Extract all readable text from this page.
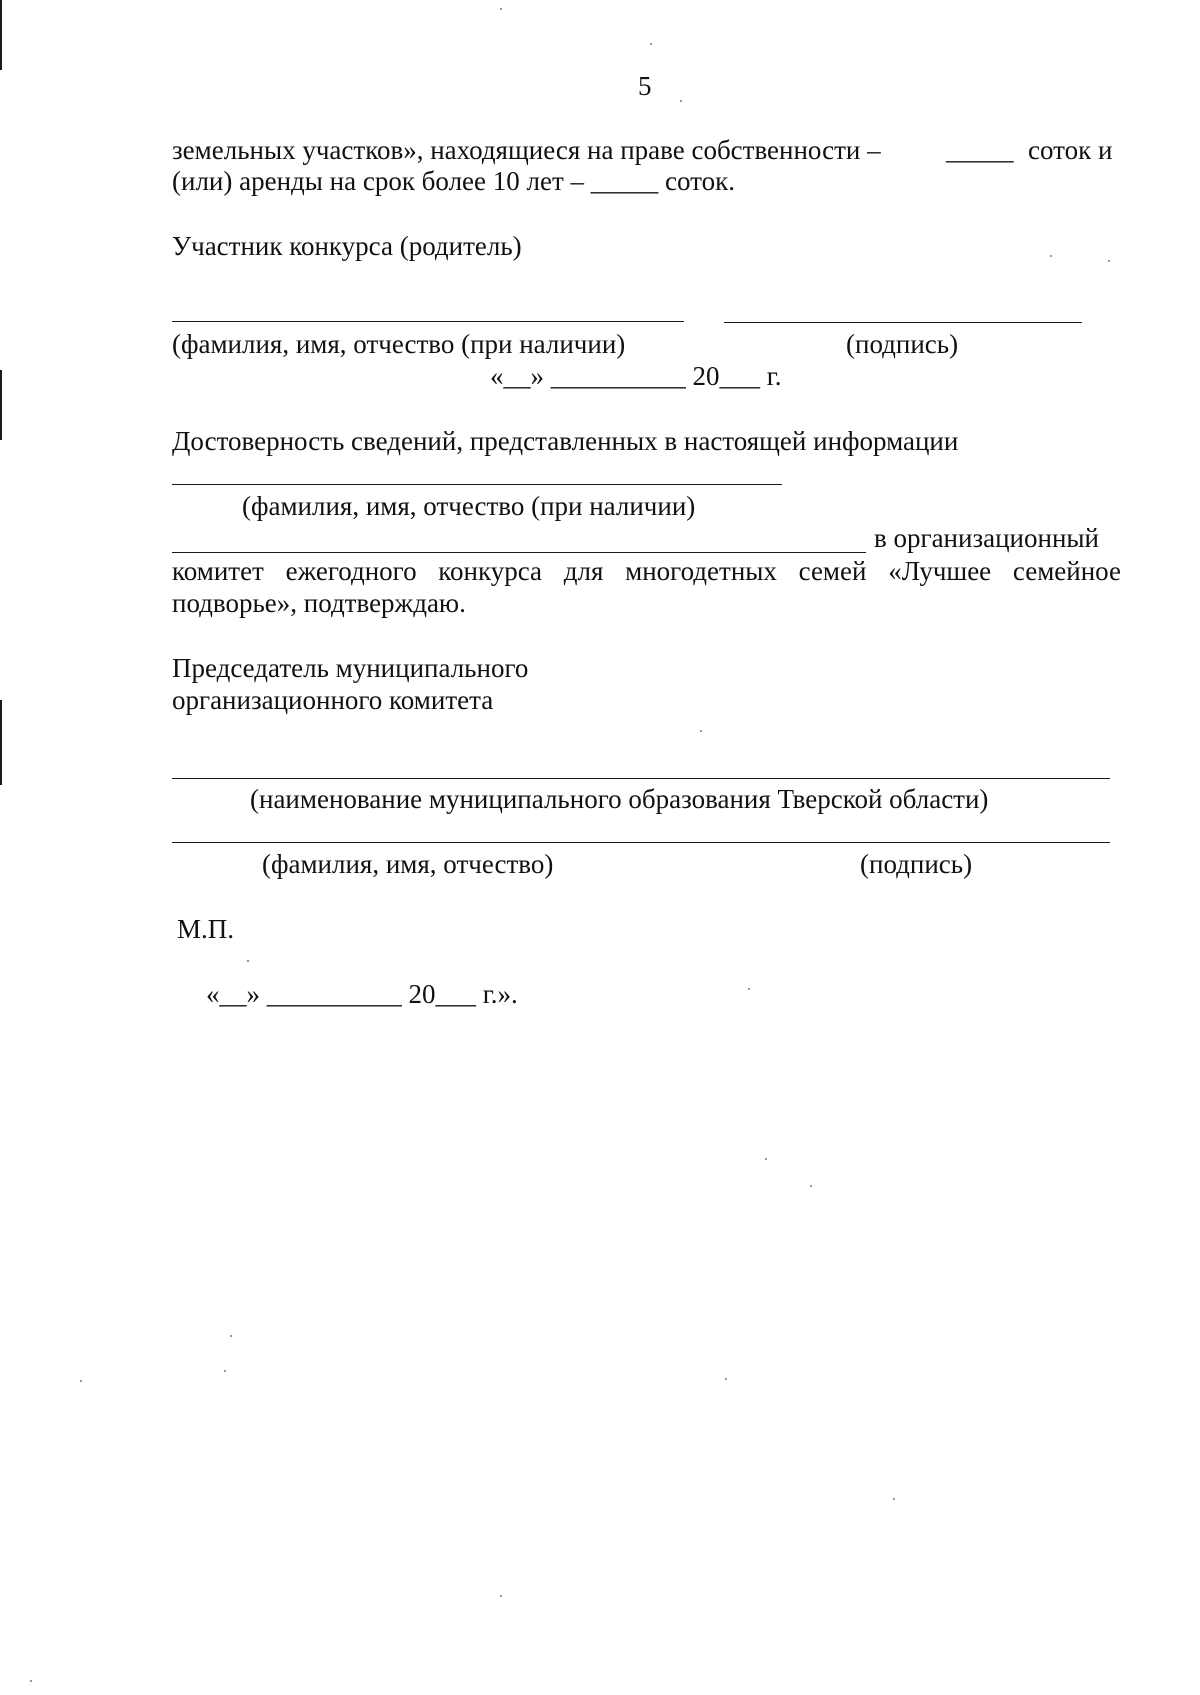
5
земельных участков», находящиеся на праве собственности – _____ соток и
(или) аренды на срок более 10 лет – _____ соток.
Участник конкурса (родитель)
(фамилия, имя, отчество (при наличии)	(подпись)
«__» __________ 20___ г.
Достоверность сведений, представленных в настоящей информации
(фамилия, имя, отчество (при наличии)
в организационный
комитет ежегодного конкурса для многодетных семей «Лучшее семейное
подворье», подтверждаю.
Председатель муниципального
организационного комитета
(наименование муниципального образования Тверской области)
(фамилия, имя, отчество)	(подпись)
М.П.
«__» __________ 20___ г.».
